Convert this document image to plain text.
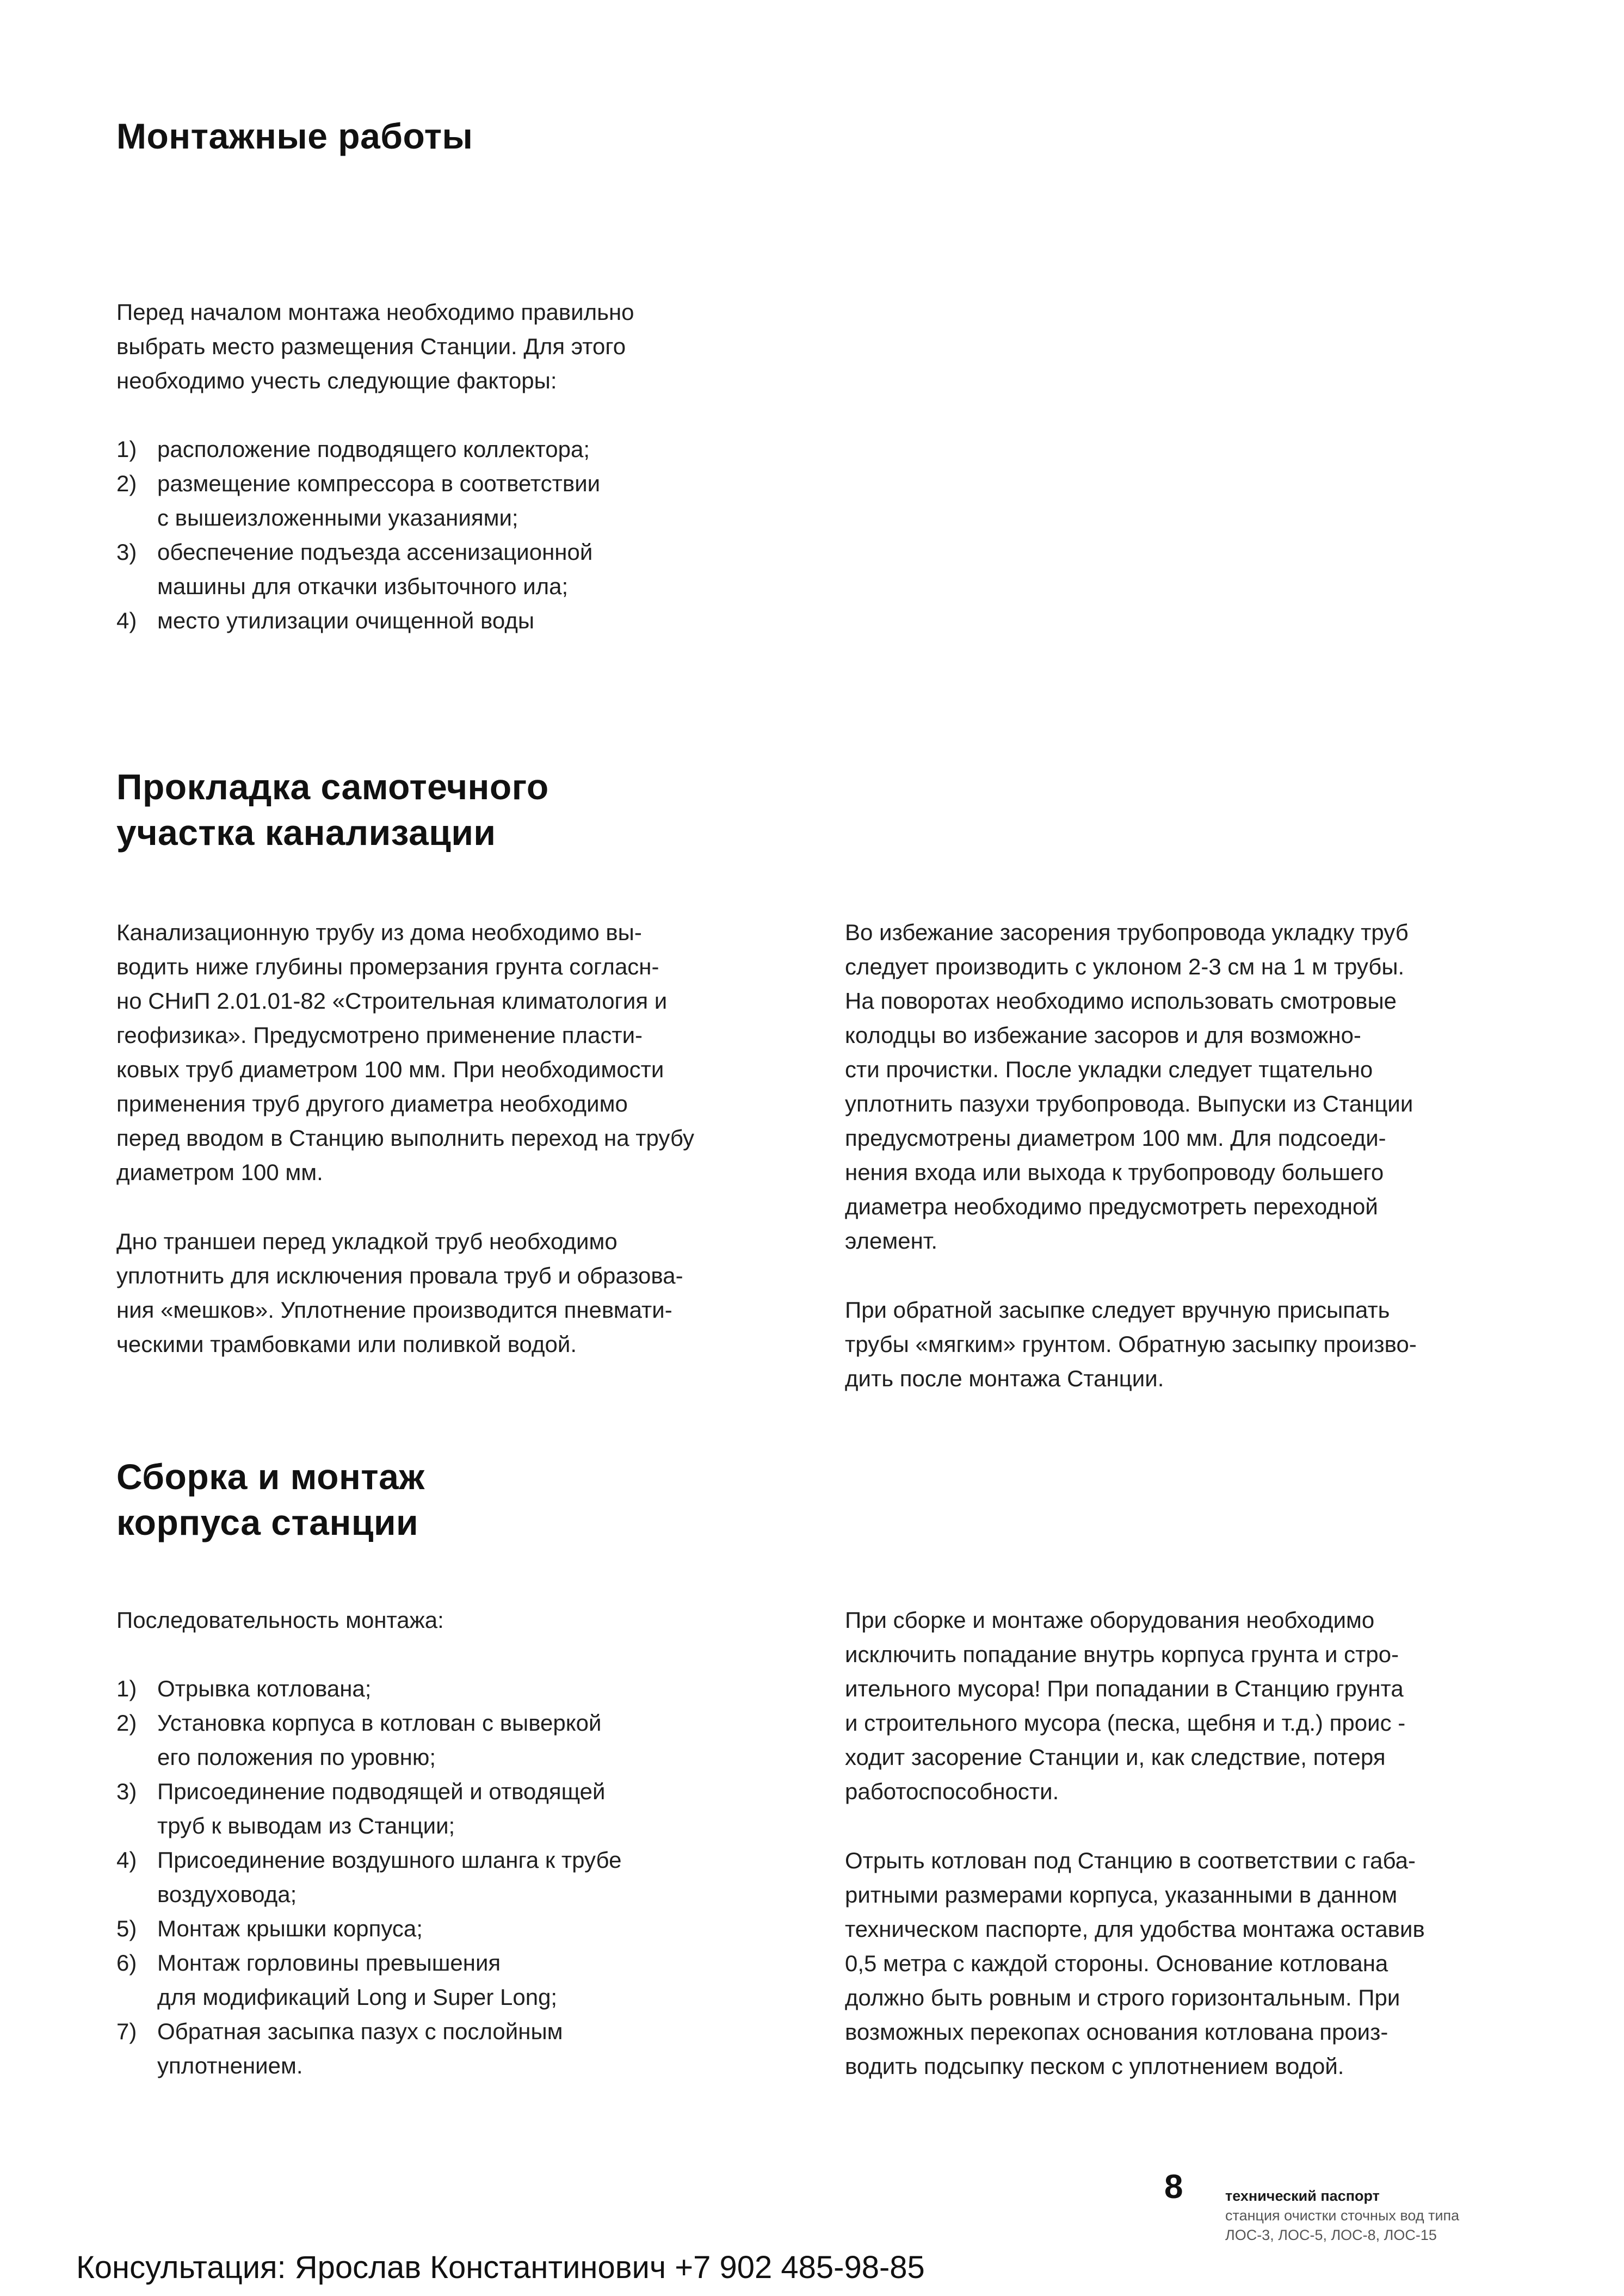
Монтажные работы

Перед началом монтажа необходимо правильно
выбрать место размещения Станции. Для этого
необходимо учесть следующие факторы:

1) расположение подводящего коллектора;
2) размещение компрессора в соответствии
с вышеизложенными указаниями;
3) обеспечение подъезда ассенизационной
машины для откачки избыточного ила;
4) место утилизации очищенной воды
Прокладка самотечного
участка канализации

Канализационную трубу из дома необходимо вы-
водить ниже глубины промерзания грунта согласн-
но СНиП 2.01.01-82 «Строительная климатология и
геофизика». Предусмотрено применение пласти-
ковых труб диаметром 100 мм. При необходимости
применения труб другого диаметра необходимо
перед вводом в Станцию выполнить переход на трубу
диаметром 100 мм.

Дно траншеи перед укладкой труб необходимо
уплотнить для исключения провала труб и образова-
ния «мешков». Уплотнение производится пневмати-
ческими трамбовками или поливкой водой.

Во избежание засорения трубопровода укладку труб
следует производить с уклоном 2-3 см на 1 м трубы.
На поворотах необходимо использовать смотровые
колодцы во избежание засоров и для возможно-
сти прочистки. После укладки следует тщательно
уплотнить пазухи трубопровода. Выпуски из Станции
предусмотрены диаметром 100 мм. Для подсоеди-
нения входа или выхода к трубопроводу большего
диаметра необходимо предусмотреть переходной
элемент.

При обратной засыпке следует вручную присыпать
трубы «мягким» грунтом. Обратную засыпку произво-
дить после монтажа Станции.

Сборка и монтаж
корпуса станции

Последовательность монтажа:

1) Отрывка котлована;
2) Установка корпуса в котлован с выверкой
его положения по уровню;
3) Присоединение подводящей и отводящей
труб к выводам из Станции;
4) Присоединение воздушного шланга к трубе
воздуховода;
5) Монтаж крышки корпуса;
6) Монтаж горловины превышения
для модификаций Long и Super Long;
7) Обратная засыпка пазух с послойным
уплотнением.

При сборке и монтаже оборудования необходимо
исключить попадание внутрь корпуса грунта и стро-
ительного мусора! При попадании в Станцию грунта
и строительного мусора (песка, щебня и т.д.) проис -
ходит засорение Станции и, как следствие, потеря
работоспособности.

Отрыть котлован под Станцию в соответствии с габа-
ритными размерами корпуса, указанными в данном
техническом паспорте, для удобства монтажа оставив
0,5 метра с каждой стороны. Основание котлована
должно быть ровным и строго горизонтальным. При
возможных перекопах основания котлована произ-
водить подсыпку песком с уплотнением водой.

8	технический паспорт
станция очистки сточных вод типа
ЛОС-3, ЛОС-5, ЛОС-8, ЛОС-15
Консультация: Ярослав Константинович +7 902 485-98-85
